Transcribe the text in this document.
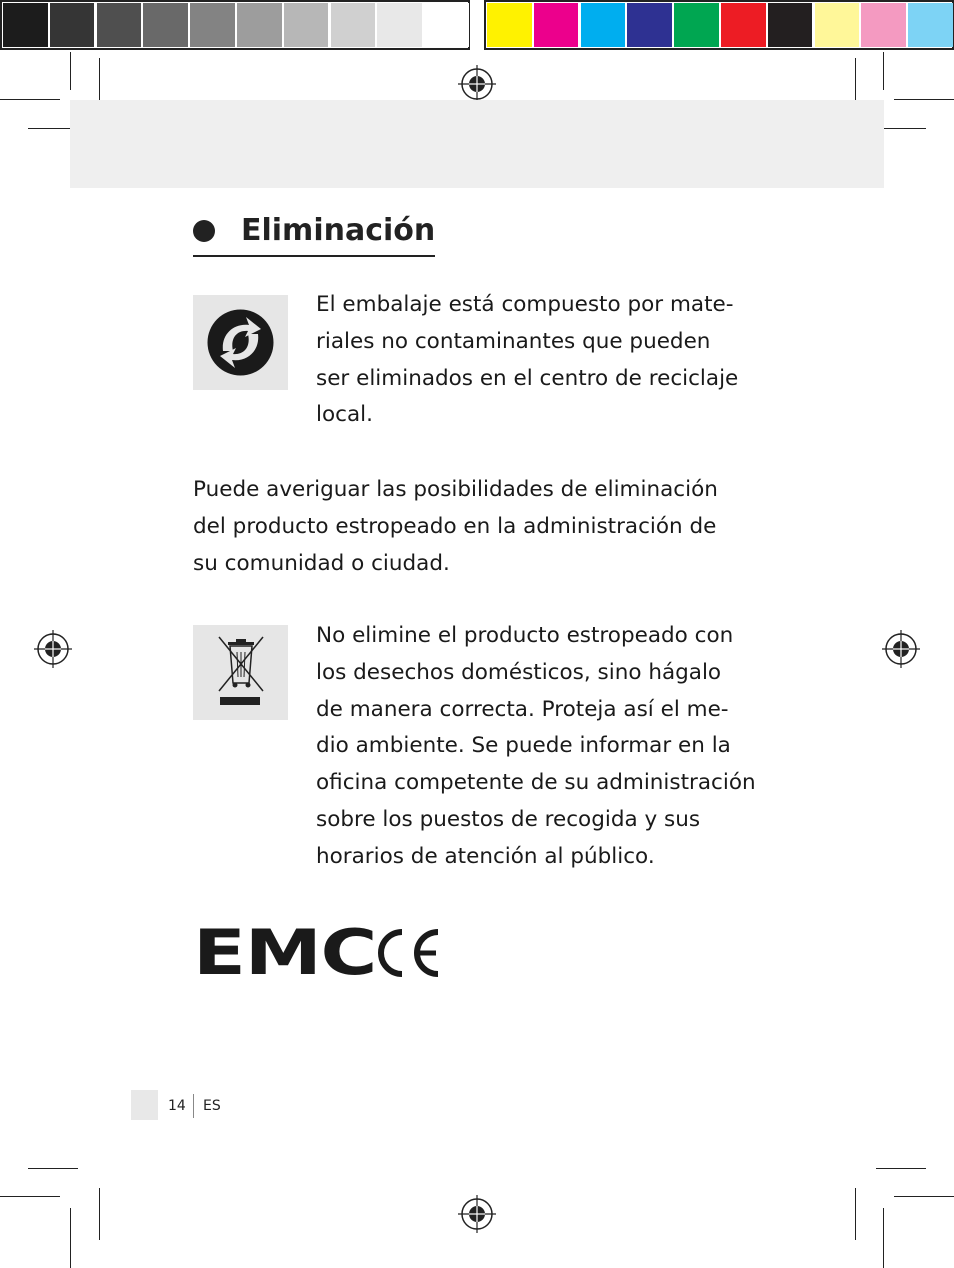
Eliminación
El embalaje está compuesto por mate-
riales no contaminantes que pueden
ser eliminados en el centro de reciclaje
local.
Puede averiguar las posibilidades de eliminación
del producto estropeado en la administración de
su comunidad o ciudad.
No elimine el producto estropeado con
los desechos domésticos, sino hágalo
de manera correcta. Proteja así el me-
dio ambiente. Se puede informar en la
oficina competente de su administración
sobre los puestos de recogida y sus
horarios de atención al público.
EMC
14 ES
